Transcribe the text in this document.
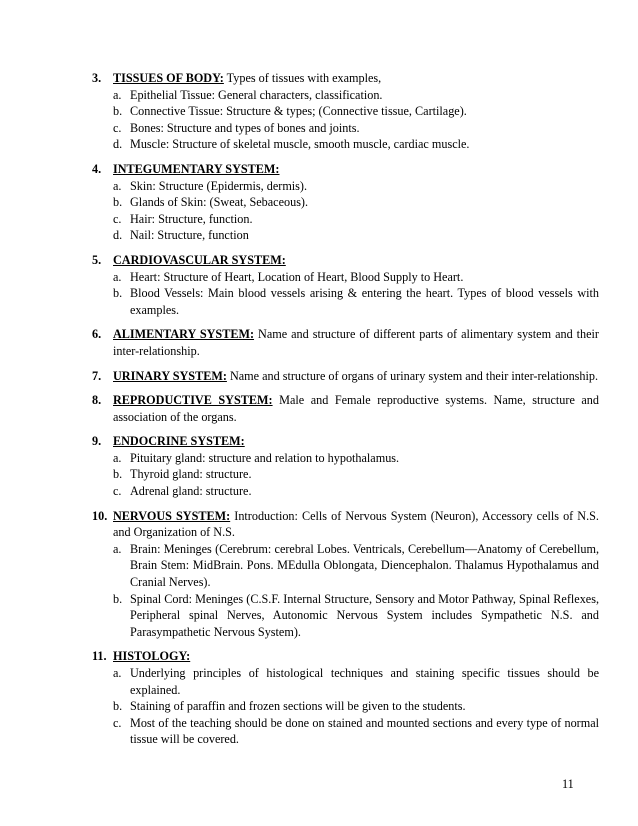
3. TISSUES OF BODY: Types of tissues with examples,
a. Epithelial Tissue: General characters, classification.
b. Connective Tissue: Structure & types; (Connective tissue, Cartilage).
c. Bones: Structure and types of bones and joints.
d. Muscle: Structure of skeletal muscle, smooth muscle, cardiac muscle.
4. INTEGUMENTARY SYSTEM:
a. Skin: Structure (Epidermis, dermis).
b. Glands of Skin: (Sweat, Sebaceous).
c. Hair: Structure, function.
d. Nail: Structure, function
5. CARDIOVASCULAR SYSTEM:
a. Heart: Structure of Heart, Location of Heart, Blood Supply to Heart.
b. Blood Vessels: Main blood vessels arising & entering the heart. Types of blood vessels with examples.
6. ALIMENTARY SYSTEM: Name and structure of different parts of alimentary system and their inter-relationship.
7. URINARY SYSTEM: Name and structure of organs of urinary system and their inter-relationship.
8. REPRODUCTIVE SYSTEM: Male and Female reproductive systems. Name, structure and association of the organs.
9. ENDOCRINE SYSTEM:
a. Pituitary gland: structure and relation to hypothalamus.
b. Thyroid gland: structure.
c. Adrenal gland: structure.
10. NERVOUS SYSTEM: Introduction: Cells of Nervous System (Neuron), Accessory cells of N.S. and Organization of N.S.
a. Brain: Meninges (Cerebrum: cerebral Lobes. Ventricals, Cerebellum—Anatomy of Cerebellum, Brain Stem: MidBrain. Pons. MEdulla Oblongata, Diencephalon. Thalamus Hypothalamus and Cranial Nerves).
b. Spinal Cord: Meninges (C.S.F. Internal Structure, Sensory and Motor Pathway, Spinal Reflexes, Peripheral spinal Nerves, Autonomic Nervous System includes Sympathetic N.S. and Parasympathetic Nervous System).
11. HISTOLOGY:
a. Underlying principles of histological techniques and staining specific tissues should be explained.
b. Staining of paraffin and frozen sections will be given to the students.
c. Most of the teaching should be done on stained and mounted sections and every type of normal tissue will be covered.
11
